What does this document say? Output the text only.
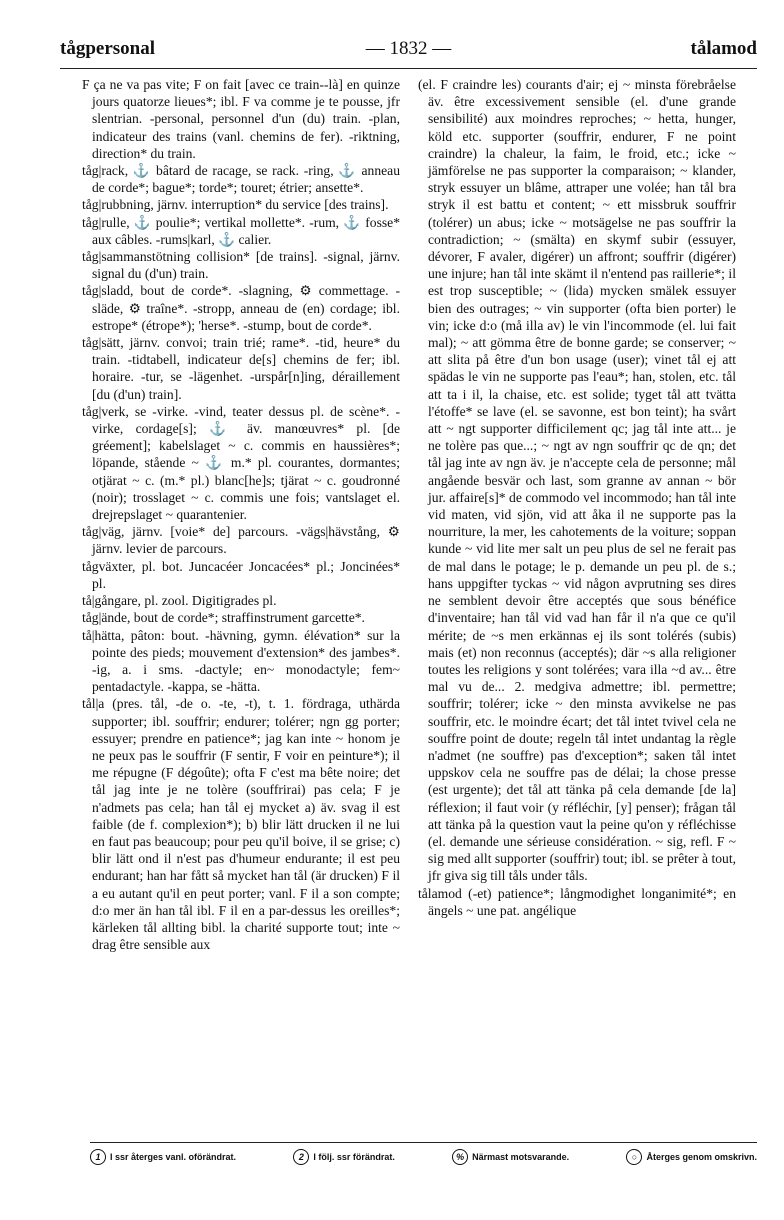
tågpersonal	— 1832 —	tålamod

F ça ne va pas vite; F on fait [avec ce train-‑là] en quinze jours quatorze lieues*; ibl. F va comme je te pousse, jfr slentrian. -personal, personnel d'un (du) train. -plan, indicateur des trains (vanl. chemins de fer). -riktning, direction* du train.

tåg|rack, ⚓ bâtard de racage, se rack. -ring, ⚓ anneau de corde*; bague*; torde*; touret; étrier; ansette*.

tåg|rubbning, järnv. interruption* du service [des trains].

tåg|rulle, ⚓ poulie*; vertikal mollette*. -rum, ⚓ fosse* aux câbles. -rums|karl, ⚓ calier.

tåg|sammanstötning collision* [de trains]. -signal, järnv. signal du (d'un) train.

tåg|sladd, bout de corde*. -slagning, ⚙ commettage. -släde, ⚙ traîne*. -stropp, anneau de (en) cordage; ibl. estrope* (étrope*); 'herse*. -stump, bout de corde*.

tåg|sätt, järnv. convoi; train trié; rame*. -tid, heure* du train. -tidtabell, indicateur de[s] chemins de fer; ibl. horaire. -tur, se -lägenhet. -urspår[n]ing, déraillement [du (d'un) train].

tåg|verk, se -virke. -vind, teater dessus pl. de scène*. -virke, cordage[s]; ⚓ äv. manœuvres* pl. [de gréement]; kabelslaget ~ c. commis en haussières*; löpande, stående ~ ⚓ m.* pl. courantes, dormantes; otjärat ~ c. (m.* pl.) blanc[he]s; tjärat ~ c. goudronné (noir); trosslaget ~ c. commis une fois; vantslaget el. drejrepslaget ~ quarantenier.

tåg|väg, järnv. [voie* de] parcours. -vägs|hävstång, ⚙ järnv. levier de parcours.

tågväxter, pl. bot. Juncacéer Joncacées* pl.; Joncinées* pl.

tå|gångare, pl. zool. Digitigrades pl.

tåg|ände, bout de corde*; straffinstrument garcette*.

tå|hätta, pâton: bout. -hävning, gymn. élévation* sur la pointe des pieds; mouvement d'extension* des jambes*. -ig, a. i sms. -dactyle; en~ monodactyle; fem~ pentadactyle. -kappa, se -hätta.

tål|a (pres. tål, -de o. -te, -t), t. 1. fördraga, uthärda supporter; ibl. souffrir; endurer; tolérer; ngn gg porter; essuyer; prendre en patience*; jag kan inte ~ honom je ne peux pas le souffrir (F sentir, F voir en peinture*); il me répugne (F dégoûte); ofta F c'est ma bête noire; det tål jag inte je ne tolère (souffrirai) pas cela; F je n'admets pas cela; han tål ej mycket a) äv. svag il est faible (de f. complexion*); b) blir lätt drucken il ne lui en faut pas beaucoup; pour peu qu'il boive, il se grise; c) blir lätt ond il n'est pas d'humeur endurante; il est peu endurant; han har fått så mycket han tål (är drucken) F il a eu autant qu'il en peut porter; vanl. F il a son compte; d:o mer än han tål ibl. F il en a par-dessus les oreilles*; kärleken tål allting bibl. la charité supporte tout; inte ~ drag être sensible aux

(el. F craindre les) courants d'air; ej ~ minsta förebråelse äv. être excessivement sensible (el. d'une grande sensibilité) aux moindres reproches; ~ hetta, hunger, köld etc. supporter (souffrir, endurer, F ne point craindre) la chaleur, la faim, le froid, etc.; icke ~ jämförelse ne pas supporter la comparaison; ~ klander, stryk essuyer un blâme, attraper une volée; han tål bra stryk il est battu et content; ~ ett missbruk souffrir (tolérer) un abus; icke ~ motsägelse ne pas souffrir la contradiction; ~ (smälta) en skymf subir (essuyer, dévorer, F avaler, digérer) un affront; souffrir (digérer) une injure; han tål inte skämt il n'entend pas raillerie*; il est trop susceptible; ~ (lida) mycken smälek essuyer bien des outrages; ~ vin supporter (ofta bien porter) le vin; icke d:o (må illa av) le vin l'incommode (el. lui fait mal); ~ att gömma être de bonne garde; se conserver; ~ att slita på être d'un bon usage (user); vinet tål ej att spädas le vin ne supporte pas l'eau*; han, stolen, etc. tål att ta i il, la chaise, etc. est solide; tyget tål att tvätta l'étoffe* se lave (el. se savonne, est bon teint); ha svårt att ~ ngt supporter difficilement qc; jag tål inte att... je ne tolère pas que...; ~ ngt av ngn souffrir qc de qn; det tål jag inte av ngn äv. je n'accepte cela de personne; mål angående besvär och last, som granne av annan ~ bör jur. affaire[s]* de commodo vel incommodo; han tål inte vid maten, vid sjön, vid att åka il ne supporte pas la nourriture, la mer, les cahotements de la voiture; soppan kunde ~ vid lite mer salt un peu plus de sel ne ferait pas de mal dans le potage; le p. demande un peu pl. de s.; hans uppgifter tyckas ~ vid någon avprutning ses dires ne semblent devoir être acceptés que sous bénéfice d'inventaire; han tål vid vad han får il n'a que ce qu'il mérite; de ~s men erkännas ej ils sont tolérés (subis) mais (et) non reconnus (acceptés); där ~s alla religioner toutes les religions y sont tolérées; vara illa ~d av... être mal vu de... 2. medgiva admettre; ibl. permettre; souffrir; tolérer; icke ~ den minsta avvikelse ne pas souffrir, etc. le moindre écart; det tål intet tvivel cela ne souffre point de doute; regeln tål intet undantag la règle n'admet (ne souffre) pas d'exception*; saken tål intet uppskov cela ne souffre pas de délai; la chose presse (est urgente); det tål att tänka på cela demande [de la] réflexion; il faut voir (y réfléchir, [y] penser); frågan tål att tänka på la question vaut la peine qu'on y réfléchisse (el. demande une sérieuse considération. ~ sig, refl. F ~ sig med allt supporter (souffrir) tout; ibl. se prêter à tout, jfr giva sig till tåls under tåls.

tålamod (-et) patience*; långmodighet longanimité*; en ängels ~ une pat. angélique

1	I ssr återges vanl. oförändrat.	2	I följ. ssr förändrat.	% Närmast motsvarande.	○	Återges genom omskrivn.
